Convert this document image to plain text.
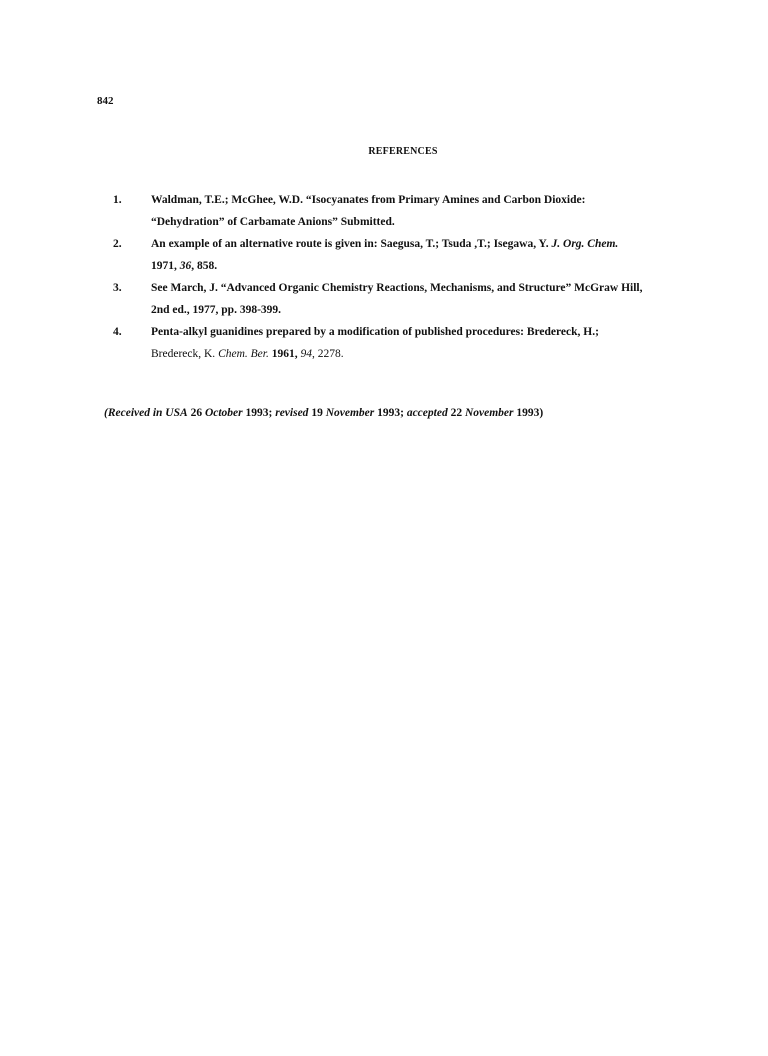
842
REFERENCES
1.	Waldman, T.E.; McGhee, W.D. “Isocyanates from Primary Amines and Carbon Dioxide:
“Dehydration” of Carbamate Anions” Submitted.
2.	An example of an alternative route is given in: Saegusa, T.; Tsuda ,T.; Isegawa, Y. J. Org. Chem.
1971, 36, 858.
3.	See March, J. “Advanced Organic Chemistry Reactions, Mechanisms, and Structure” McGraw Hill,
2nd ed., 1977, pp. 398-399.
4.	Penta-alkyl guanidines prepared by a modification of published procedures: Bredereck, H.;
Bredereck, K. Chem. Ber. 1961, 94, 2278.
(Received in USA 26 October 1993; revised 19 November 1993; accepted 22 November 1993)
